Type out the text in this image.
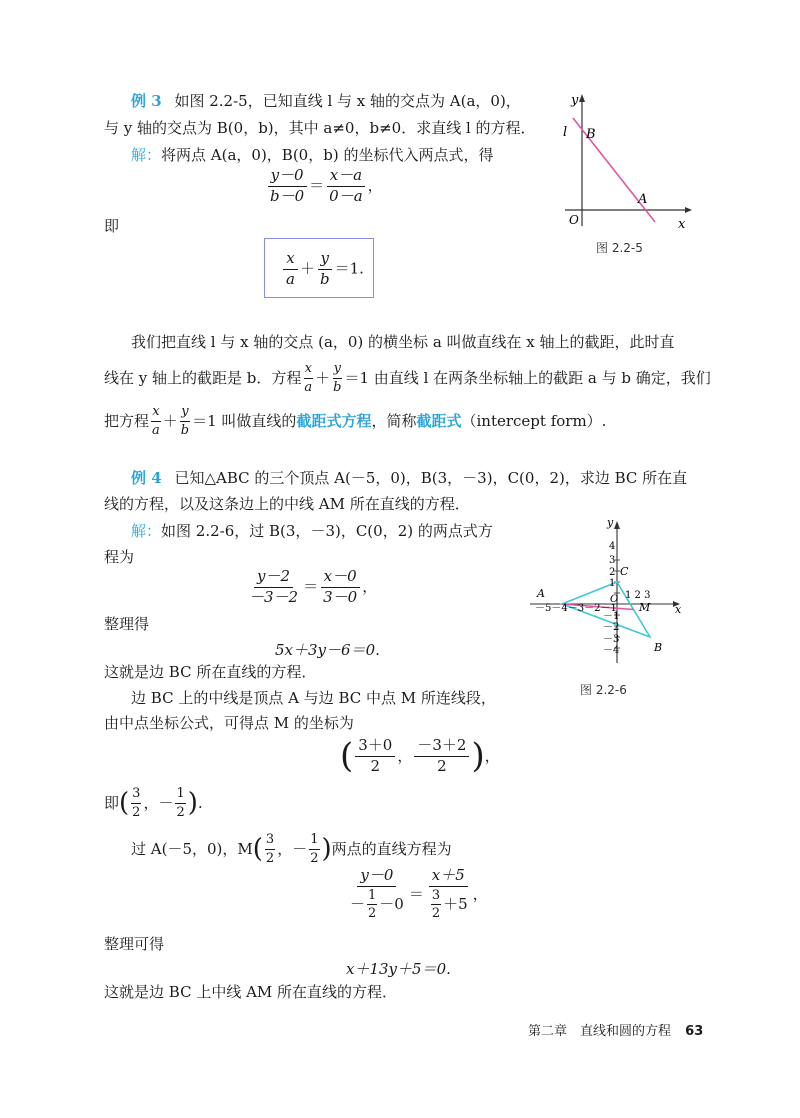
例 3 如图 2.2-5，已知直线 l 与 x 轴的交点为 A(a，0)，
与 y 轴的交点为 B(0，b)，其中 a≠0，b≠0．求直线 l 的方程．
解：将两点 A(a，0)，B(0，b) 的坐标代入两点式，得
$\frac{y-0}{b-0} = \frac{x-a}{0-a}$ ，
即
$\frac{x}{a} + \frac{y}{b} =1$.
y
x
O
l B
A
图 2.2-5
我们把直线 l 与 x 轴的交点 (a，0) 的横坐标 a 叫做直线在 x 轴上的截距，此时直
线在 y 轴上的截距是 b．方程 $\frac{x}{a} + \frac{y}{b} =1$ 由直线 l 在两条坐标轴上的截距 a 与 b 确定，我们
把方程 $\frac{x}{a} + \frac{y}{b} =1$ 叫做直线的 截距式方程 ，简称 截距式 （intercept form）.
例 4 已知△ABC 的三个顶点 A(－5，0)，B(3，－3)，C(0，2)，求边 BC 所在直
线的方程，以及这条边上的中线 AM 所在直线的方程．
解：如图 2.2-6，过 B(3，－3)，C(0，2) 的两点式方
程为
$\frac{y-2}{-3-2} = \frac{x-0}{3-0}$ ，
整理得
5x＋3y－6＝0.
这就是边 BC 所在直线的方程．
边 BC 上的中线是顶点 A 与边 BC 中点 M 所连线段，
由中点坐标公式，可得点 M 的坐标为
( $\frac{3+0}{2}$ ， $\frac{-3+2}{2}$ ) ，
即 ( $\frac{3}{2}$ ，－ $\frac{1}{2}$ ) .
过 A(－5，0)，M ( $\frac{3}{2}$ ，－ $\frac{1}{2}$ ) 两点的直线方程为
$\frac{y-0}{- \frac{1}{2} -0} = \frac{x+5}{\frac{3}{2} +5}$ ，
整理可得
x＋13y＋5＝0.
这就是边 BC 上中线 AM 所在直线的方程．
y
x
4
3
2
1
－1
－2
－3
－4
－5－4－3－2－1
1 2 3
O
A
C
M
B
图 2.2-6
第二章　直线和圆的方程 63
